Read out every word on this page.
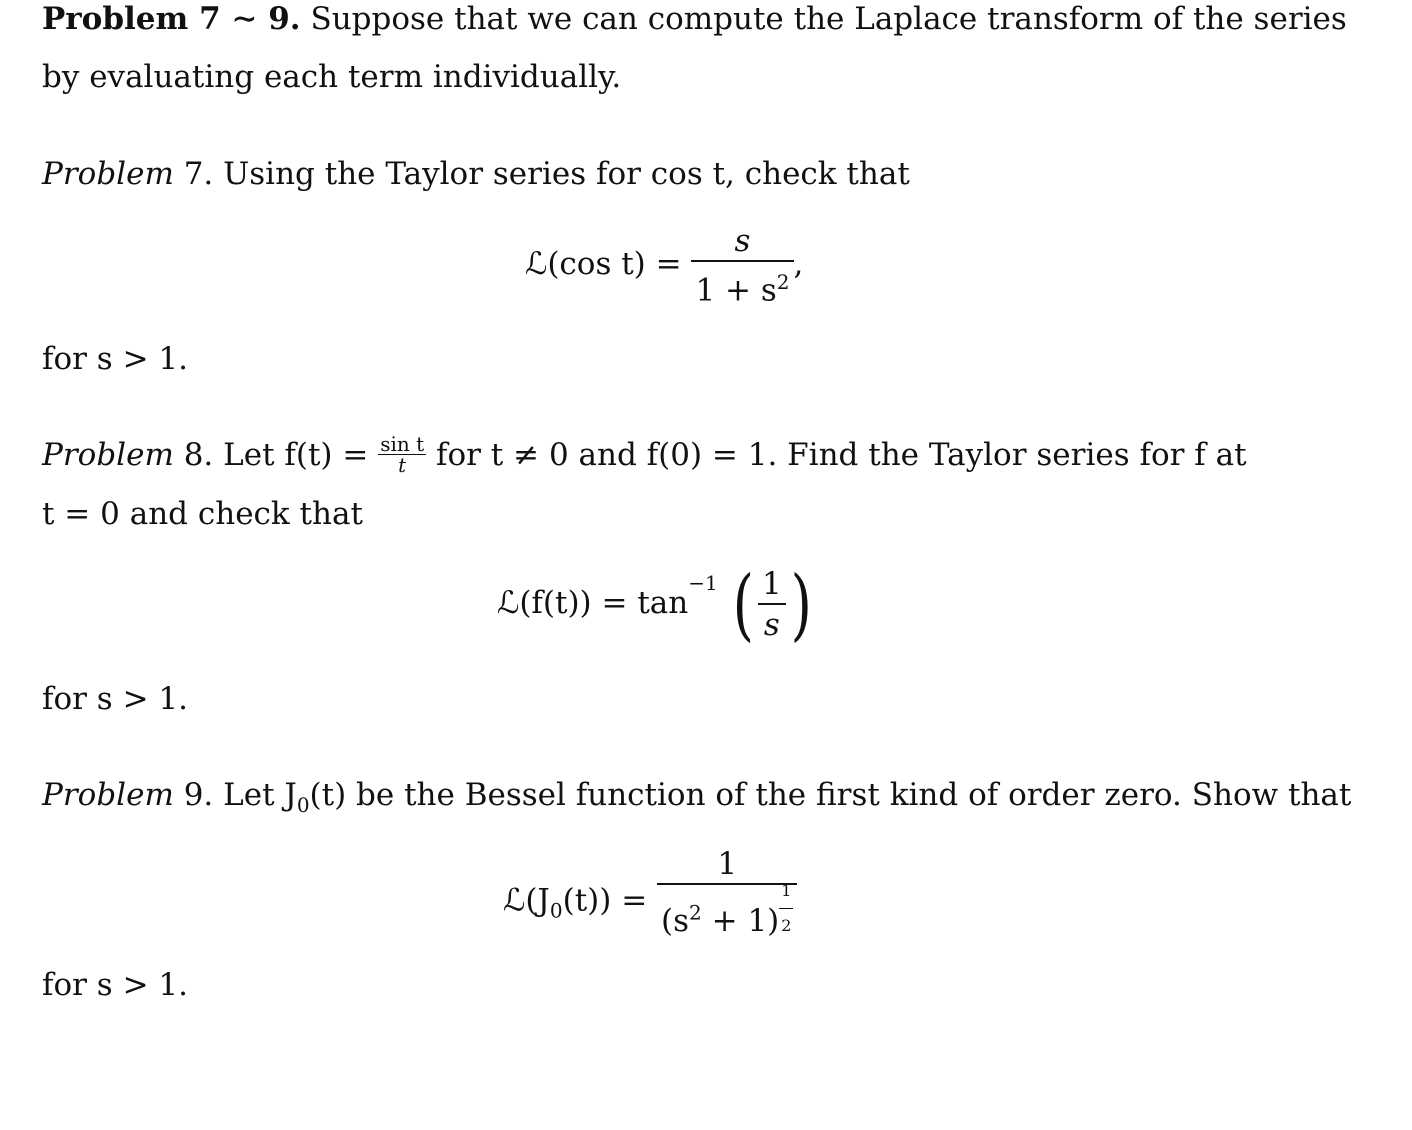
Problem 7 ∼ 9. Suppose that we can compute the Laplace transform of the series
by evaluating each term individually.
Problem 7. Using the Taylor series for cos t, check that
ℒ(cos $t) = \frac{s}{1 + s^2}$ ,
for s > 1.
Problem 8. Let $f(t) = \frac{\text{sin t}}{t}$ for t ≠ 0 and f(0) = 1. Find the Taylor series for f at
t = 0 and check that
ℒ(f(t)) = $\tan^{-1}$ ( $\frac{1}{s}$ )
for s > 1.
Problem 9. Let $J_0(t)$ be the Bessel function of the first kind of order zero. Show that
$ℒ(J_0(t)) = \frac{1}{(s^2 + 1) \frac{1}{2}}$
for s > 1.
